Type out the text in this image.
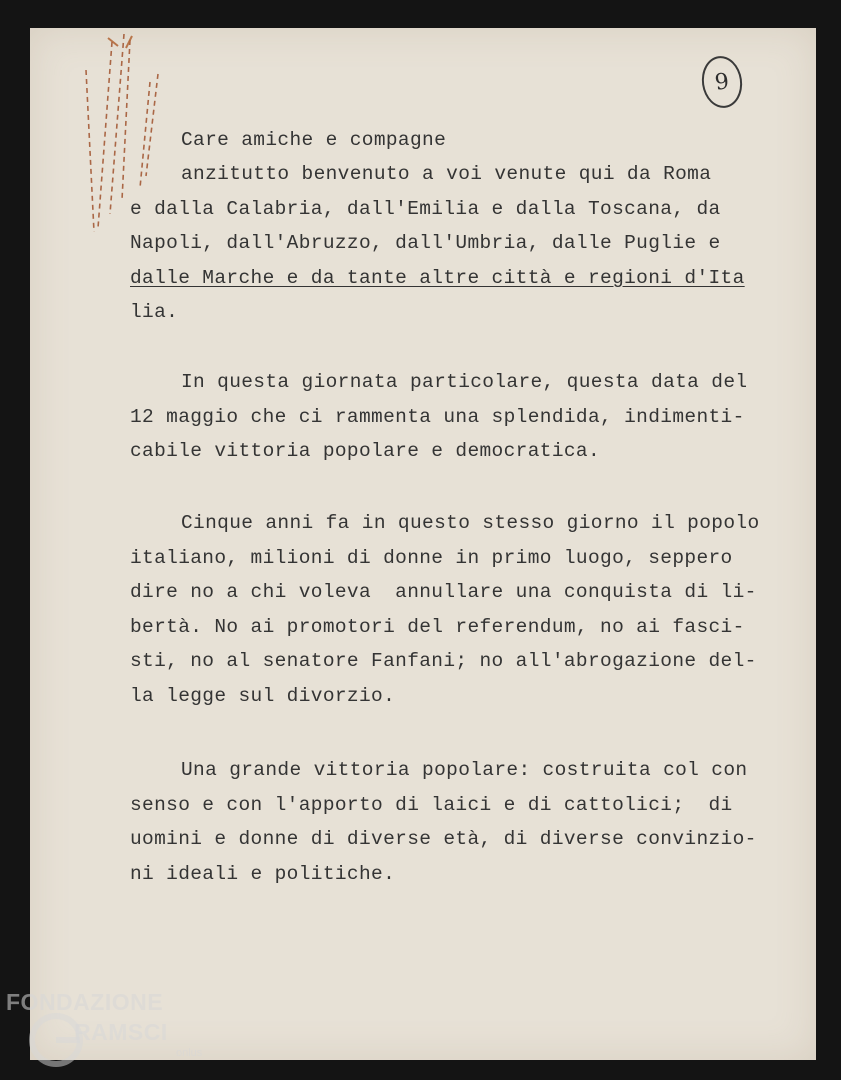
9
Care amiche e compagne
anzitutto benvenuto a voi venute qui da Roma
e dalla Calabria, dall'Emilia e dalla Toscana, da
Napoli, dall'Abruzzo, dall'Umbria, dalle Puglie e
dalle Marche e da tante altre città e regioni d'Ita
lia.
In questa giornata particolare, questa data del
12 maggio che ci rammenta una splendida, indimenti-
cabile vittoria popolare e democratica.
Cinque anni fa in questo stesso giorno il popolo
italiano, milioni di donne in primo luogo, seppero
dire no a chi voleva  annullare una conquista di li-
bertà. No ai promotori del referendum, no ai fasci-
sti, no al senatore Fanfani; no all'abrogazione del-
la legge sul divorzio.
Una grande vittoria popolare: costruita col con
senso e con l'apporto di laici e di cattolici;  di
uomini e donne di diverse età, di diverse convinzio-
ni ideali e politiche.
FONDAZIONE
RAMSCI
onlus
